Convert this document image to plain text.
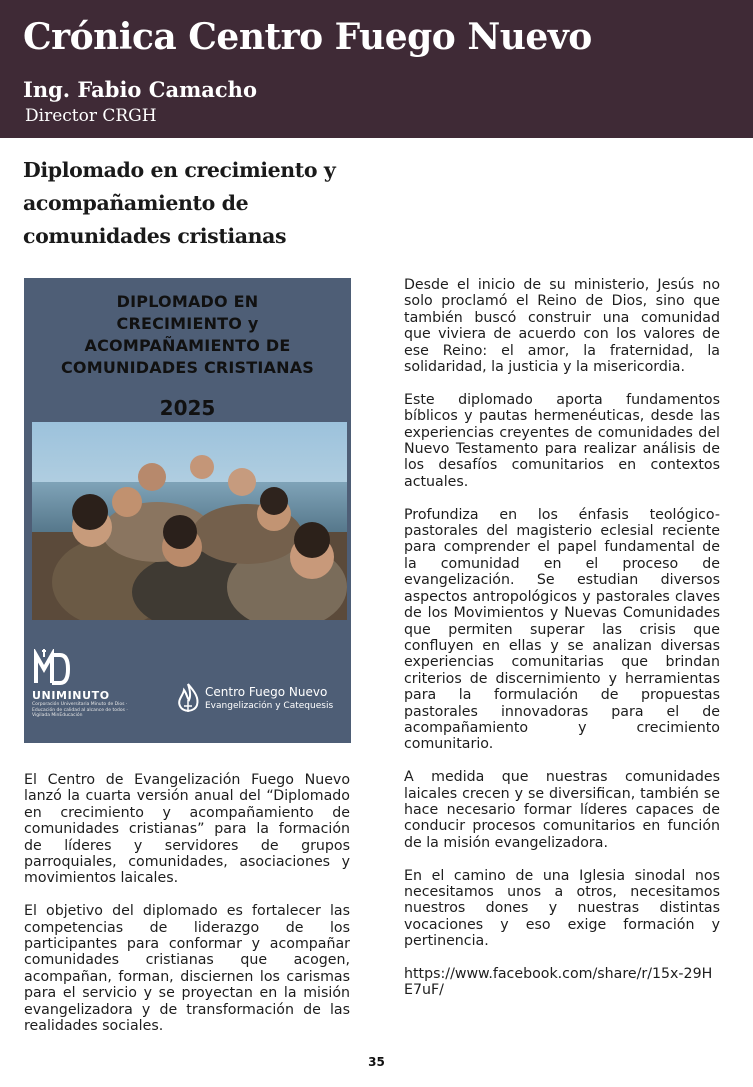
Crónica Centro Fuego Nuevo
Ing. Fabio Camacho
Director CRGH
Diplomado en crecimiento y
acompañamiento de
comunidades cristianas
DIPLOMADO EN
CRECIMIENTO y
ACOMPAÑAMIENTO DE
COMUNIDADES CRISTIANAS
2025
UNIMINUTO
Corporación Universitaria Minuto de Dios · Educación de calidad al alcance de todos · Vigilada MinEducación
Centro Fuego Nuevo
Evangelización y Catequesis

El Centro de Evangelización Fuego Nuevo lanzó la cuarta versión anual del “Diplomado en crecimiento y acompañamiento de comunidades cristianas” para la formación de líderes y servidores de grupos parroquiales, comunidades, asociaciones y movimientos laicales.

El objetivo del diplomado es fortalecer las competencias de liderazgo de los participantes para conformar y acompañar comunidades cristianas que acogen, acompañan, forman, disciernen los carismas para el servicio y se proyectan en la misión evangelizadora y de transformación de las realidades sociales.

Desde el inicio de su ministerio, Jesús no solo proclamó el Reino de Dios, sino que también buscó construir una comunidad que viviera de acuerdo con los valores de ese Reino: el amor, la fraternidad, la solidaridad, la justicia y la misericordia.

Este diplomado aporta fundamentos bíblicos y pautas hermenéuticas, desde las experiencias creyentes de comunidades del Nuevo Testamento para realizar análisis de los desafíos comunitarios en contextos actuales.

Profundiza en los énfasis teológico-pastorales del magisterio eclesial reciente para comprender el papel fundamental de la comunidad en el proceso de evangelización. Se estudian diversos aspectos antropológicos y pastorales claves de los Movimientos y Nuevas Comunidades que permiten superar las crisis que confluyen en ellas y se analizan diversas experiencias comunitarias que brindan criterios de discernimiento y herramientas para la formulación de propuestas pastorales innovadoras para el de acompañamiento y crecimiento comunitario.

A medida que nuestras comunidades laicales crecen y se diversifican, también se hace necesario formar líderes capaces de conducir procesos comunitarios en función de la misión evangelizadora.

En el camino de una Iglesia sinodal nos necesitamos unos a otros, necesitamos nuestros dones y nuestras distintas vocaciones y eso exige formación y pertinencia.

https://www.facebook.com/share/r/15x-29HE7uF/

35
